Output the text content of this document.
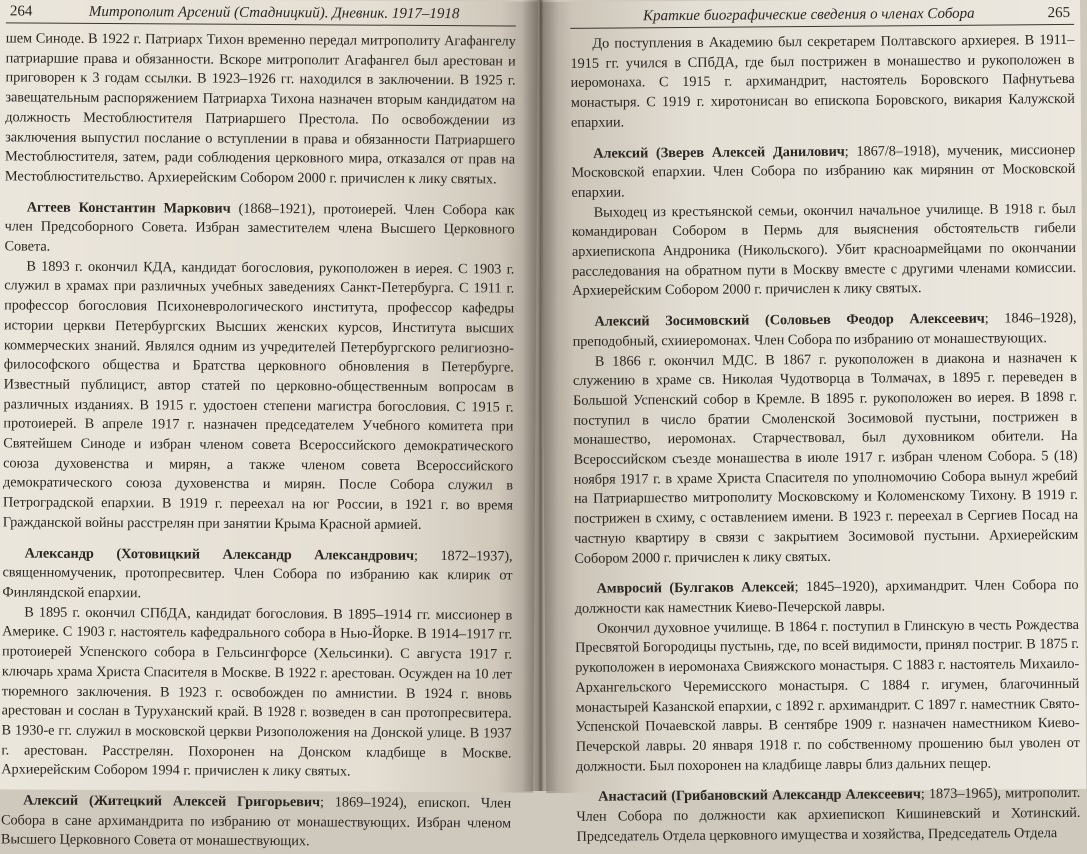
264	Митрополит Арсений (Стадницкий). Дневник. 1917–1918

шем Синоде. В 1922 г. Патриарх Тихон временно передал митрополиту Агафангелу патриаршие права и обязанности. Вскоре митрополит Агафангел был арестован и приговорен к 3 годам ссылки. В 1923–1926 гг. находился в заключении. В 1925 г. завещательным распоряжением Патриарха Тихона назначен вторым кандидатом на должность Местоблюстителя Патриаршего Престола. По освобождении из заключения выпустил послание о вступлении в права и обязанности Патриаршего Местоблюстителя, затем, ради соблюдения церковного мира, отказался от прав на Местоблюстительство. Архиерейским Собором 2000 г. причислен к лику святых.

Агтеев Константин Маркович (1868–1921), протоиерей. Член Собора как член Предсоборного Совета. Избран заместителем члена Высшего Церковного Совета.

В 1893 г. окончил КДА, кандидат богословия, рукоположен в иерея. С 1903 г. служил в храмах при различных учебных заведениях Санкт-Петербурга. С 1911 г. профессор богословия Психоневрологического института, профессор кафедры истории церкви Петербургских Высших женских курсов, Института высших коммерческих знаний. Являлся одним из учредителей Петербургского религиозно-философского общества и Братства церковного обновления в Петербурге. Известный публицист, автор статей по церковно-общественным вопросам в различных изданиях. В 1915 г. удостоен степени магистра богословия. С 1915 г. протоиерей. В апреле 1917 г. назначен председателем Учебного комитета при Святейшем Синоде и избран членом совета Всероссийского демократического союза духовенства и мирян, а также членом совета Всероссийского демократического союза духовенства и мирян. После Собора служил в Петроградской епархии. В 1919 г. переехал на юг России, в 1921 г. во время Гражданской войны расстрелян при занятии Крыма Красной армией.

Александр (Хотовицкий Александр Александрович; 1872–1937), священномученик, протопресвитер. Член Собора по избранию как клирик от Финляндской епархии.

В 1895 г. окончил СПбДА, кандидат богословия. В 1895–1914 гг. миссионер в Америке. С 1903 г. настоятель кафедрального собора в Нью-Йорке. В 1914–1917 гг. протоиерей Успенского собора в Гельсингфорсе (Хельсинки). С августа 1917 г. ключарь храма Христа Спасителя в Москве. В 1922 г. арестован. Осужден на 10 лет тюремного заключения. В 1923 г. освобожден по амнистии. В 1924 г. вновь арестован и сослан в Туруханский край. В 1928 г. возведен в сан протопресвитера. В 1930-е гг. служил в московской церкви Ризоположения на Донской улице. В 1937 г. арестован. Расстрелян. Похоронен на Донском кладбище в Москве. Архиерейским Собором 1994 г. причислен к лику святых.

Алексий (Житецкий Алексей Григорьевич; 1869–1924), епископ. Член Собора в сане архимандрита по избранию от монашествующих. Избран членом Высшего Церковного Совета от монашествующих.

Краткие биографические сведения о членах Собора	265

До поступления в Академию был секретарем Полтавского архиерея. В 1911–1915 гг. учился в СПбДА, где был пострижен в монашество и рукоположен в иеромонаха. С 1915 г. архимандрит, настоятель Боровского Пафнутьева монастыря. С 1919 г. хиротонисан во епископа Боровского, викария Калужской епархии.

Алексий (Зверев Алексей Данилович; 1867/8–1918), мученик, миссионер Московской епархии. Член Собора по избранию как мирянин от Московской епархии.

Выходец из крестьянской семьи, окончил начальное училище. В 1918 г. был командирован Собором в Пермь для выяснения обстоятельств гибели архиепископа Андроника (Никольского). Убит красноармейцами по окончании расследования на обратном пути в Москву вместе с другими членами комиссии. Архиерейским Собором 2000 г. причислен к лику святых.

Алексий Зосимовский (Соловьев Феодор Алексеевич; 1846–1928), преподобный, схииеромонах. Член Собора по избранию от монашествующих.

В 1866 г. окончил МДС. В 1867 г. рукоположен в диакона и назначен к служению в храме св. Николая Чудотворца в Толмачах, в 1895 г. переведен в Большой Успенский собор в Кремле. В 1895 г. рукоположен во иерея. В 1898 г. поступил в число братии Смоленской Зосимовой пустыни, пострижен в монашество, иеромонах. Старчествовал, был духовником обители. На Всероссийском съезде монашества в июле 1917 г. избран членом Собора. 5 (18) ноября 1917 г. в храме Христа Спасителя по уполномочию Собора вынул жребий на Патриаршество митрополиту Московскому и Коломенскому Тихону. В 1919 г. пострижен в схиму, с оставлением имени. В 1923 г. переехал в Сергиев Посад на частную квартиру в связи с закрытием Зосимовой пустыни. Архиерейским Собором 2000 г. причислен к лику святых.

Амвросий (Булгаков Алексей; 1845–1920), архимандрит. Член Собора по должности как наместник Киево-Печерской лавры.

Окончил духовное училище. В 1864 г. поступил в Глинскую в честь Рождества Пресвятой Богородицы пустынь, где, по всей видимости, принял постриг. В 1875 г. рукоположен в иеромонаха Свияжского монастыря. С 1883 г. настоятель Михаило-Архангельского Черемисского монастыря. С 1884 г. игумен, благочинный монастырей Казанской епархии, с 1892 г. архимандрит. С 1897 г. наместник Свято-Успенской Почаевской лавры. В сентябре 1909 г. назначен наместником Киево-Печерской лавры. 20 января 1918 г. по собственному прошению был уволен от должности. Был похоронен на кладбище лавры близ дальних пещер.

Анастасий (Грибановский Александр Алексеевич; 1873–1965), митрополит. Член Собора по должности как архиепископ Кишиневский и Хотинский. Председатель Отдела церковного имущества и хозяйства, Председатель Отдела
